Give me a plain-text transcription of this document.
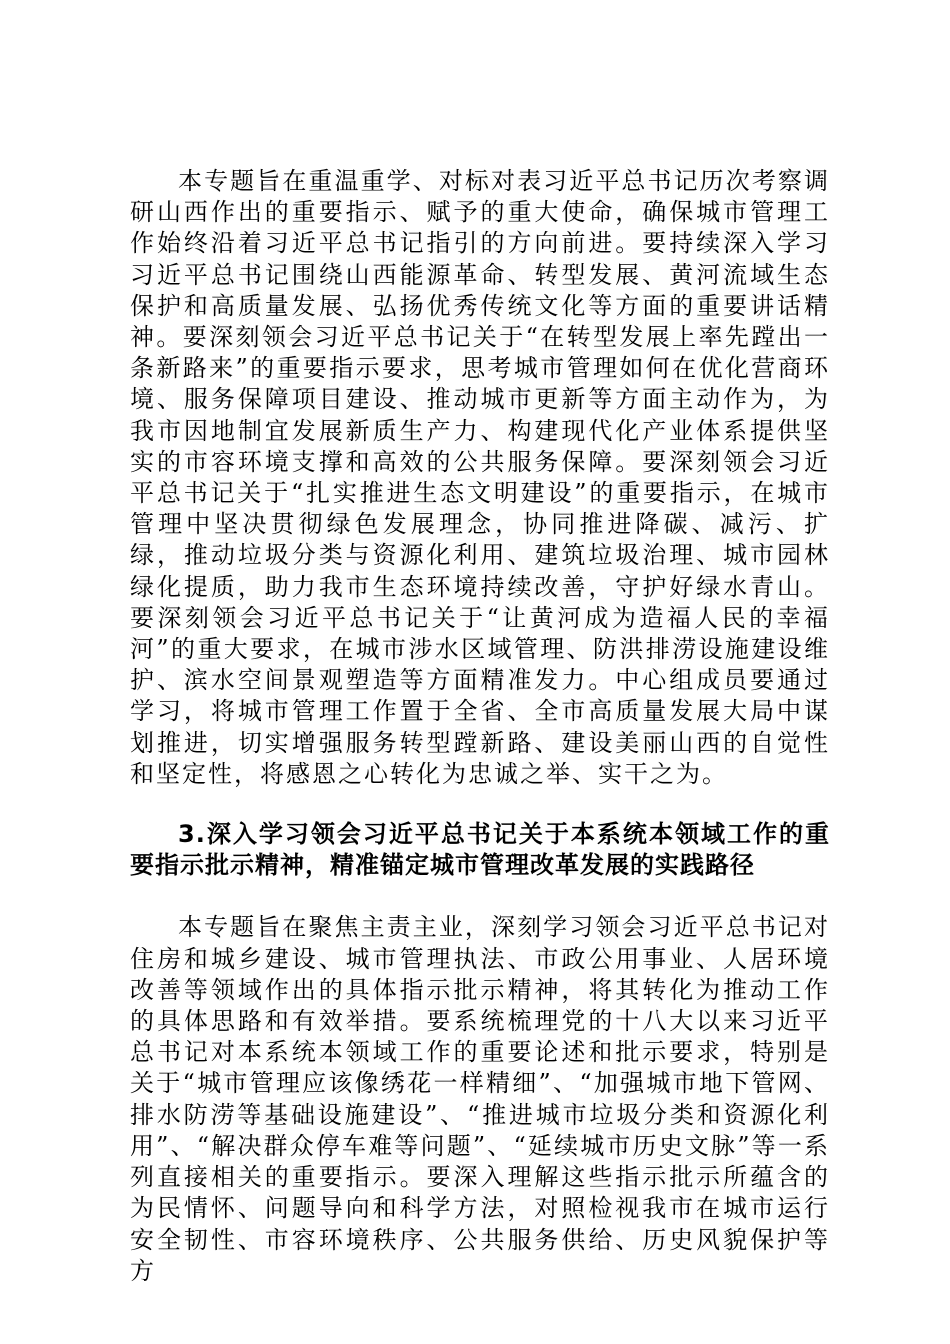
本专题旨在重温重学、对标对表习近平总书记历次考察调研山西作出的重要指示、赋予的重大使命，确保城市管理工作始终沿着习近平总书记指引的方向前进。要持续深入学习习近平总书记围绕山西能源革命、转型发展、黄河流域生态保护和高质量发展、弘扬优秀传统文化等方面的重要讲话精神。要深刻领会习近平总书记关于“在转型发展上率先蹚出一条新路来”的重要指示要求，思考城市管理如何在优化营商环境、服务保障项目建设、推动城市更新等方面主动作为，为我市因地制宜发展新质生产力、构建现代化产业体系提供坚实的市容环境支撑和高效的公共服务保障。要深刻领会习近平总书记关于“扎实推进生态文明建设”的重要指示，在城市管理中坚决贯彻绿色发展理念，协同推进降碳、减污、扩绿，推动垃圾分类与资源化利用、建筑垃圾治理、城市园林绿化提质，助力我市生态环境持续改善，守护好绿水青山。要深刻领会习近平总书记关于“让黄河成为造福人民的幸福河”的重大要求，在城市涉水区域管理、防洪排涝设施建设维护、滨水空间景观塑造等方面精准发力。中心组成员要通过学习，将城市管理工作置于全省、全市高质量发展大局中谋划推进，切实增强服务转型蹚新路、建设美丽山西的自觉性和坚定性，将感恩之心转化为忠诚之举、实干之为。

3.深入学习领会习近平总书记关于本系统本领域工作的重要指示批示精神，精准锚定城市管理改革发展的实践路径

本专题旨在聚焦主责主业，深刻学习领会习近平总书记对住房和城乡建设、城市管理执法、市政公用事业、人居环境改善等领域作出的具体指示批示精神，将其转化为推动工作的具体思路和有效举措。要系统梳理党的十八大以来习近平总书记对本系统本领域工作的重要论述和批示要求，特别是关于“城市管理应该像绣花一样精细”、“加强城市地下管网、排水防涝等基础设施建设”、“推进城市垃圾分类和资源化利用”、“解决群众停车难等问题”、“延续城市历史文脉”等一系列直接相关的重要指示。要深入理解这些指示批示所蕴含的为民情怀、问题导向和科学方法，对照检视我市在城市运行安全韧性、市容环境秩序、公共服务供给、历史风貌保护等方
